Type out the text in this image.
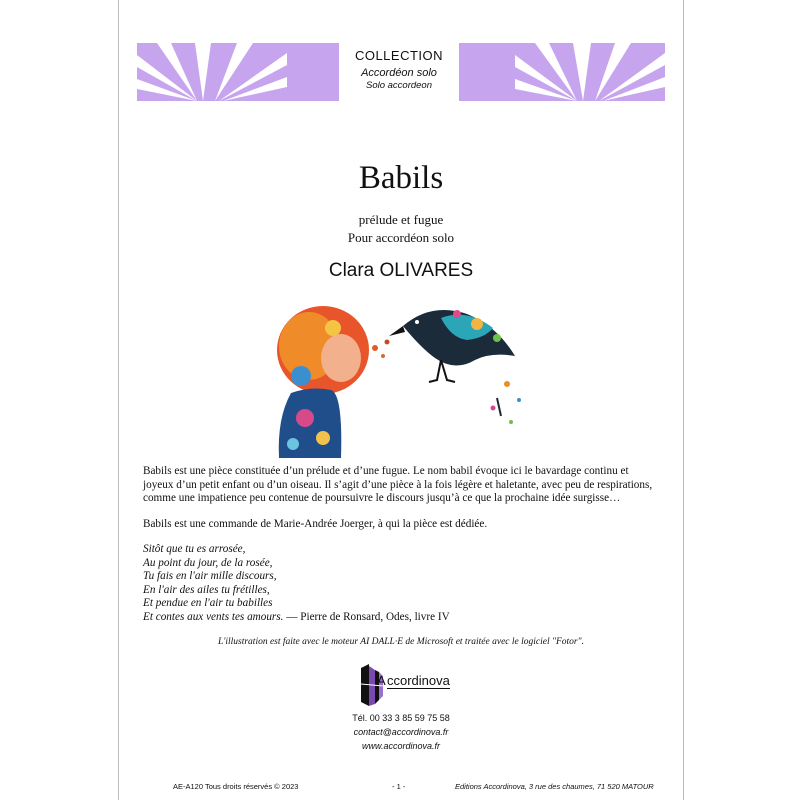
COLLECTION
Accordéon solo
Solo accordeon
Babils
prélude et fugue
Pour accordéon solo
Clara OLIVARES
Babils est une pièce constituée d’un prélude et d’une fugue. Le nom babil évoque ici le bavardage continu et
joyeux d’un petit enfant ou d’un oiseau. Il s’agit d’une pièce à la fois légère et haletante, avec peu de respirations,
comme une impatience peu contenue de poursuivre le discours jusqu’à ce que la prochaine idée surgisse…
Babils est une commande de Marie-Andrée Joerger, à qui la pièce est dédiée.
Sitôt que tu es arrosée,
Au point du jour, de la rosée,
Tu fais en l'air mille discours,
En l'air des ailes tu frétilles,
Et pendue en l'air tu babilles
Et contes aux vents tes amours. — Pierre de Ronsard, Odes, livre IV
L'illustration est faite avec le moteur AI DALL·E de Microsoft et traitée avec le logiciel "Fotor".
A ccordinova
Tél. 00 33 3 85 59 75 58
contact@accordinova.fr
www.accordinova.fr
AE-A120 Tous droits réservés © 2023	- 1 -	Editions Accordinova, 3 rue des chaumes, 71 520 MATOUR
